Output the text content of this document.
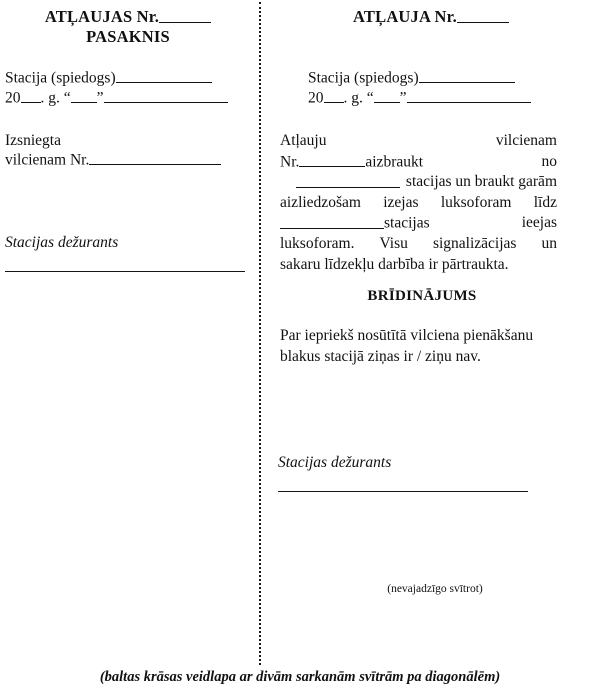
ATĻAUJAS Nr.
PASAKNIS
Stacija (spiedogs)
20 . g. “ ”
Izsniegta
vilcienam Nr.
Stacijas dežurants
ATĻAUJA Nr.
Stacija (spiedogs)
20 . g. “ ”
Atļauju	vilcienam
Nr.	aizbraukt	no
stacijas un braukt garām
aizliedzošam izejas luksoforam līdz
stacijas	ieejas
luksoforam. Visu signalizācijas un
sakaru līdzekļu darbība ir pārtraukta.
BRĪDINĀJUMS
Par iepriekš nosūtītā vilciena pienākšanu
blakus stacijā ziņas ir / ziņu nav.
Stacijas dežurants
(nevajadzīgo svītrot)
(baltas krāsas veidlapa ar divām sarkanām svītrām pa diagonālēm)
